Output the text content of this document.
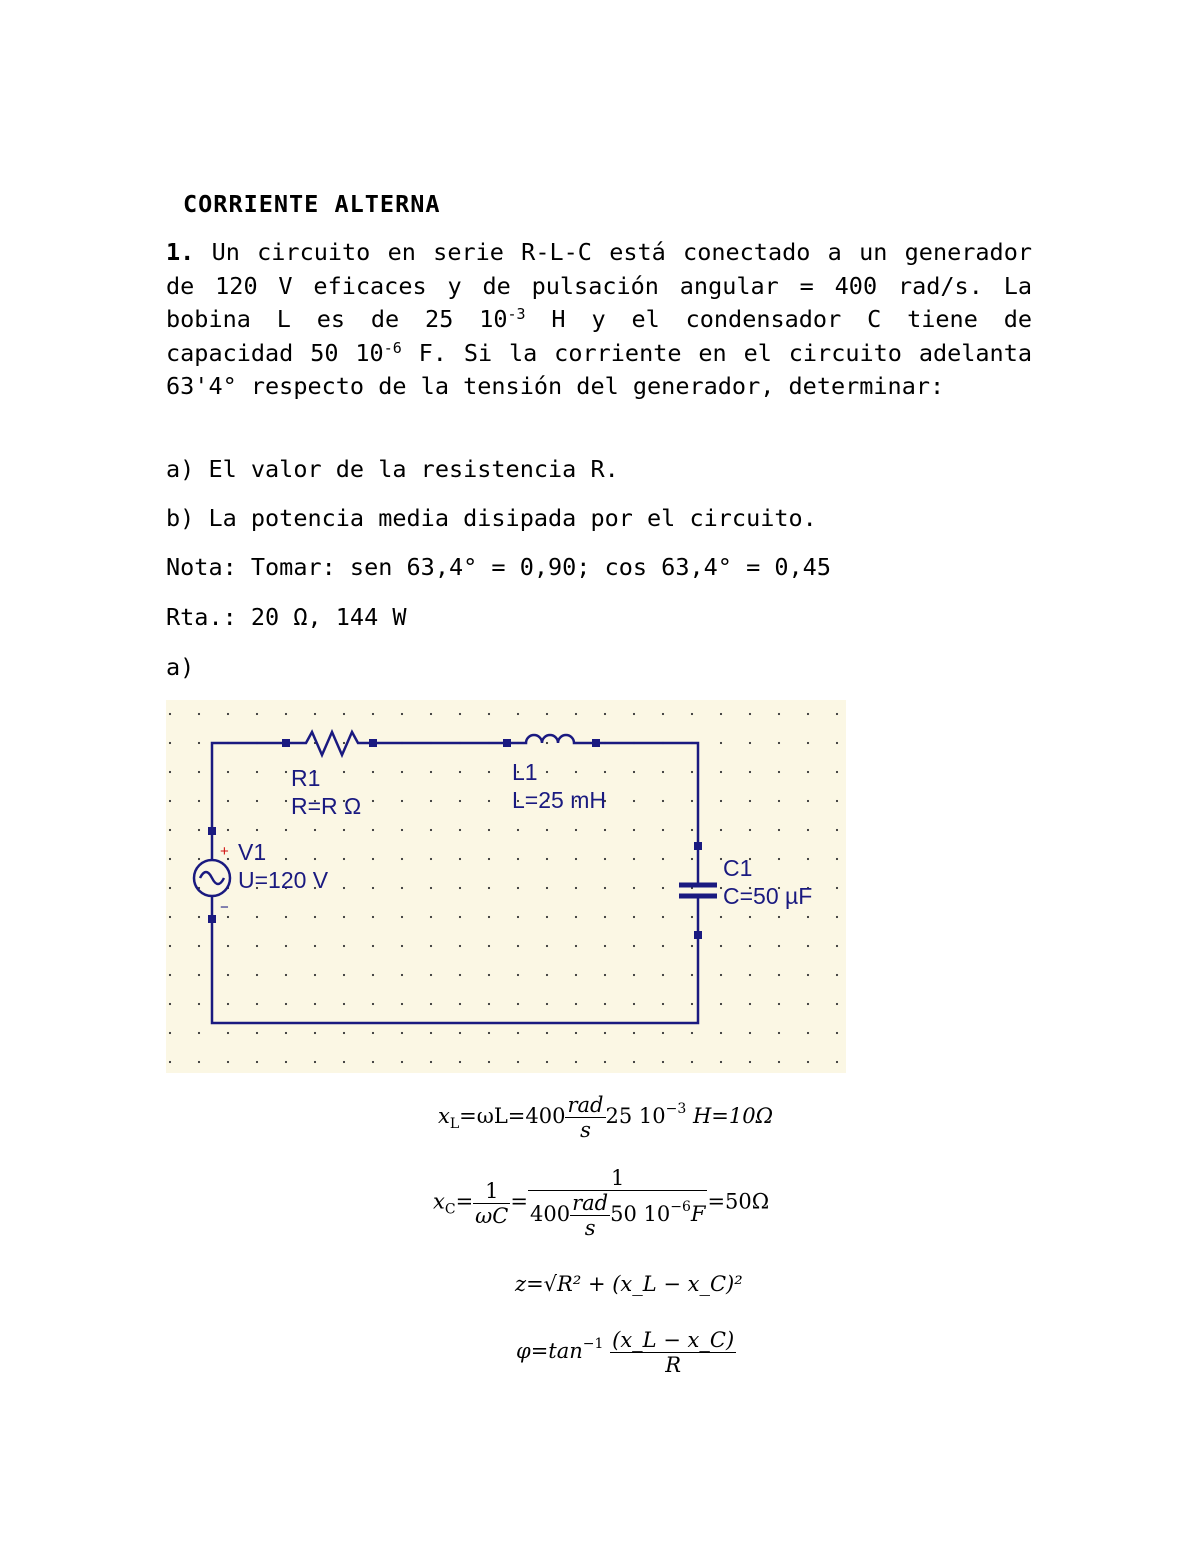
CORRIENTE ALTERNA

1. Un circuito en serie R-L-C está conectado a un generador de 120 V eficaces y de pulsación angular = 400 rad/s. La bobina L es de 25 $10^{-3}$ H y el condensador C tiene de capacidad 50 $10^{-6}$ F. Si la corriente en el circuito adelanta 63'4° respecto de la tensión del generador, determinar:

a) El valor de la resistencia R.
b) La potencia media disipada por el circuito.
Nota: Tomar: sen 63,4° = 0,90; cos 63,4° = 0,45
Rta.: 20 Ω, 144 W
a)
R1
R=R Ω
L1
L=25 mH
V1
U=120 V	C1
C=50 µF
+
−
$x_L=\omega L=400 \frac{\text{rad}}{s} 25$ $10^{-3}$ H=10Ω
$x_C= \frac{1}{\omega C} = \frac{1}{400 \frac{\text{rad}}{s} 50 10^{-6}F} =50\Omega$
z=√R² + (x_L − x_C)²
$\varphi=\tan^{-1} \frac{(x\_L - x\_C)}{R}$
